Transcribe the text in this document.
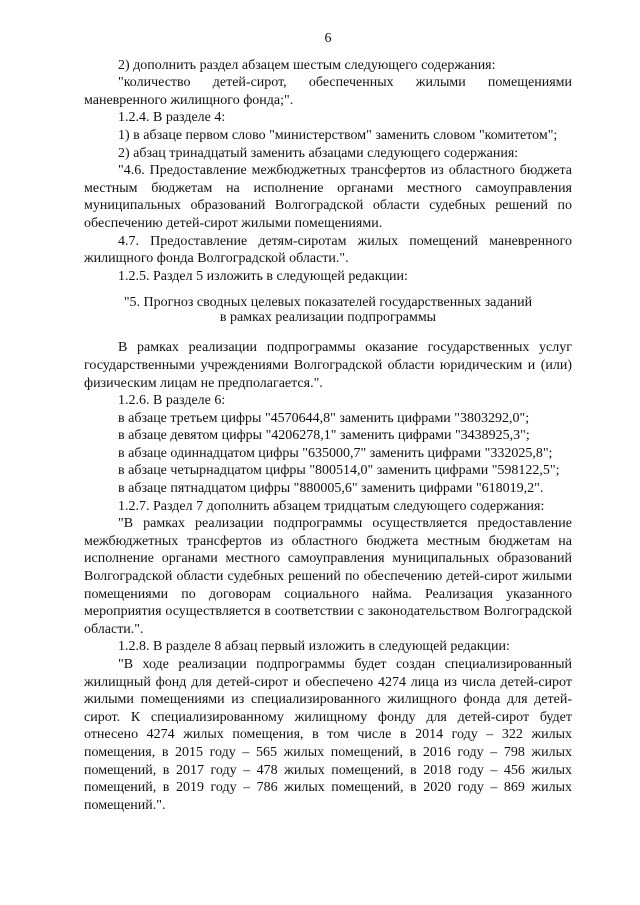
6

2) дополнить раздел абзацем шестым следующего содержания:

"количество детей-сирот, обеспеченных жилыми помещениями маневренного жилищного фонда;".

1.2.4. В разделе 4:

1) в абзаце первом слово "министерством" заменить словом "комитетом";

2) абзац тринадцатый заменить абзацами следующего содержания:

"4.6. Предоставление межбюджетных трансфертов из областного бюджета местным бюджетам на исполнение органами местного самоуправления муниципальных образований Волгоградской области судебных решений по обеспечению детей-сирот жилыми помещениями.

4.7. Предоставление детям-сиротам жилых помещений маневренного жилищного фонда Волгоградской области.".

1.2.5. Раздел 5 изложить в следующей редакции:

"5. Прогноз сводных целевых показателей государственных заданий
в рамках реализации подпрограммы

В рамках реализации подпрограммы оказание государственных услуг государственными учреждениями Волгоградской области юридическим и (или) физическим лицам не предполагается.".

1.2.6. В разделе 6:

в абзаце третьем цифры "4570644,8" заменить цифрами "3803292,0";

в абзаце девятом цифры "4206278,1" заменить цифрами "3438925,3";

в абзаце одиннадцатом цифры "635000,7" заменить цифрами "332025,8";

в абзаце четырнадцатом цифры "800514,0" заменить цифрами "598122,5";

в абзаце пятнадцатом цифры "880005,6" заменить цифрами "618019,2".

1.2.7. Раздел 7 дополнить абзацем тридцатым следующего содержания:

"В рамках реализации подпрограммы осуществляется предоставление межбюджетных трансфертов из областного бюджета местным бюджетам на исполнение органами местного самоуправления муниципальных образований Волгоградской области судебных решений по обеспечению детей-сирот жилыми помещениями по договорам социального найма. Реализация указанного мероприятия осуществляется в соответствии с законодательством Волгоградской области.".

1.2.8. В разделе 8 абзац первый изложить в следующей редакции:

"В ходе реализации подпрограммы будет создан специализированный жилищный фонд для детей-сирот и обеспечено 4274 лица из числа детей-сирот жилыми помещениями из специализированного жилищного фонда для детей-сирот. К специализированному жилищному фонду для детей-сирот будет отнесено 4274 жилых помещения, в том числе в 2014 году – 322 жилых помещения, в 2015 году – 565 жилых помещений, в 2016 году – 798 жилых помещений, в 2017 году – 478 жилых помещений, в 2018 году – 456 жилых помещений, в 2019 году – 786 жилых помещений, в 2020 году – 869 жилых помещений.".
